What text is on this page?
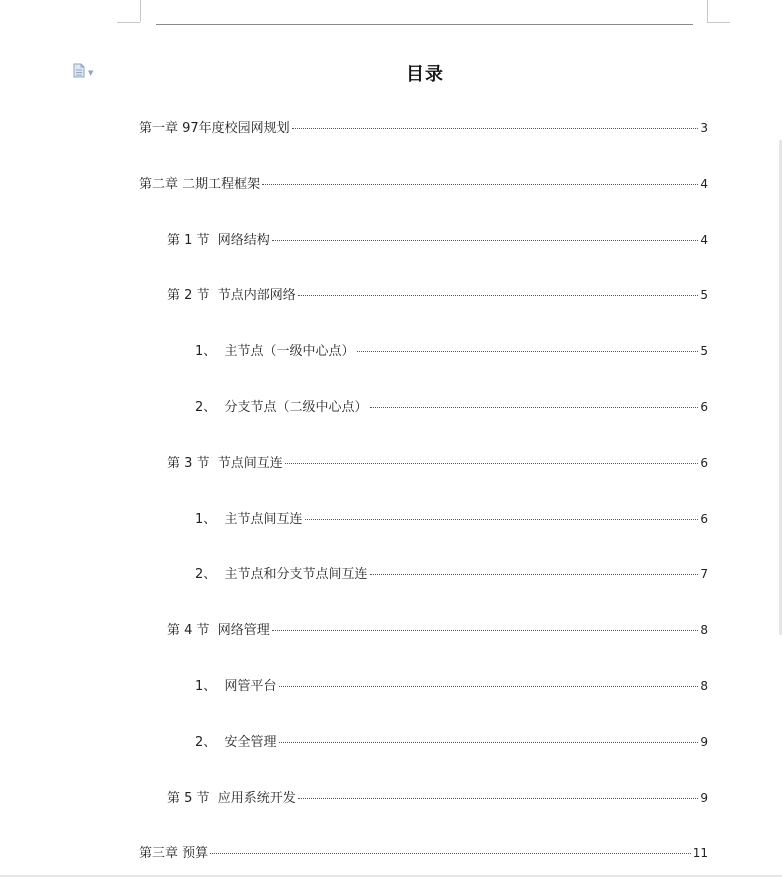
▼	目录
第一章 97年度校园网规划	3
第二章 二期工程框架	4
第 1 节  网络结构	4
第 2 节  节点内部网络	5
1、  主节点（一级中心点）	5
2、  分支节点（二级中心点）	6
第 3 节  节点间互连	6
1、  主节点间互连	6
2、  主节点和分支节点间互连	7
第 4 节  网络管理	8
1、  网管平台	8
2、  安全管理	9
第 5 节  应用系统开发	9
第三章 预算	11
